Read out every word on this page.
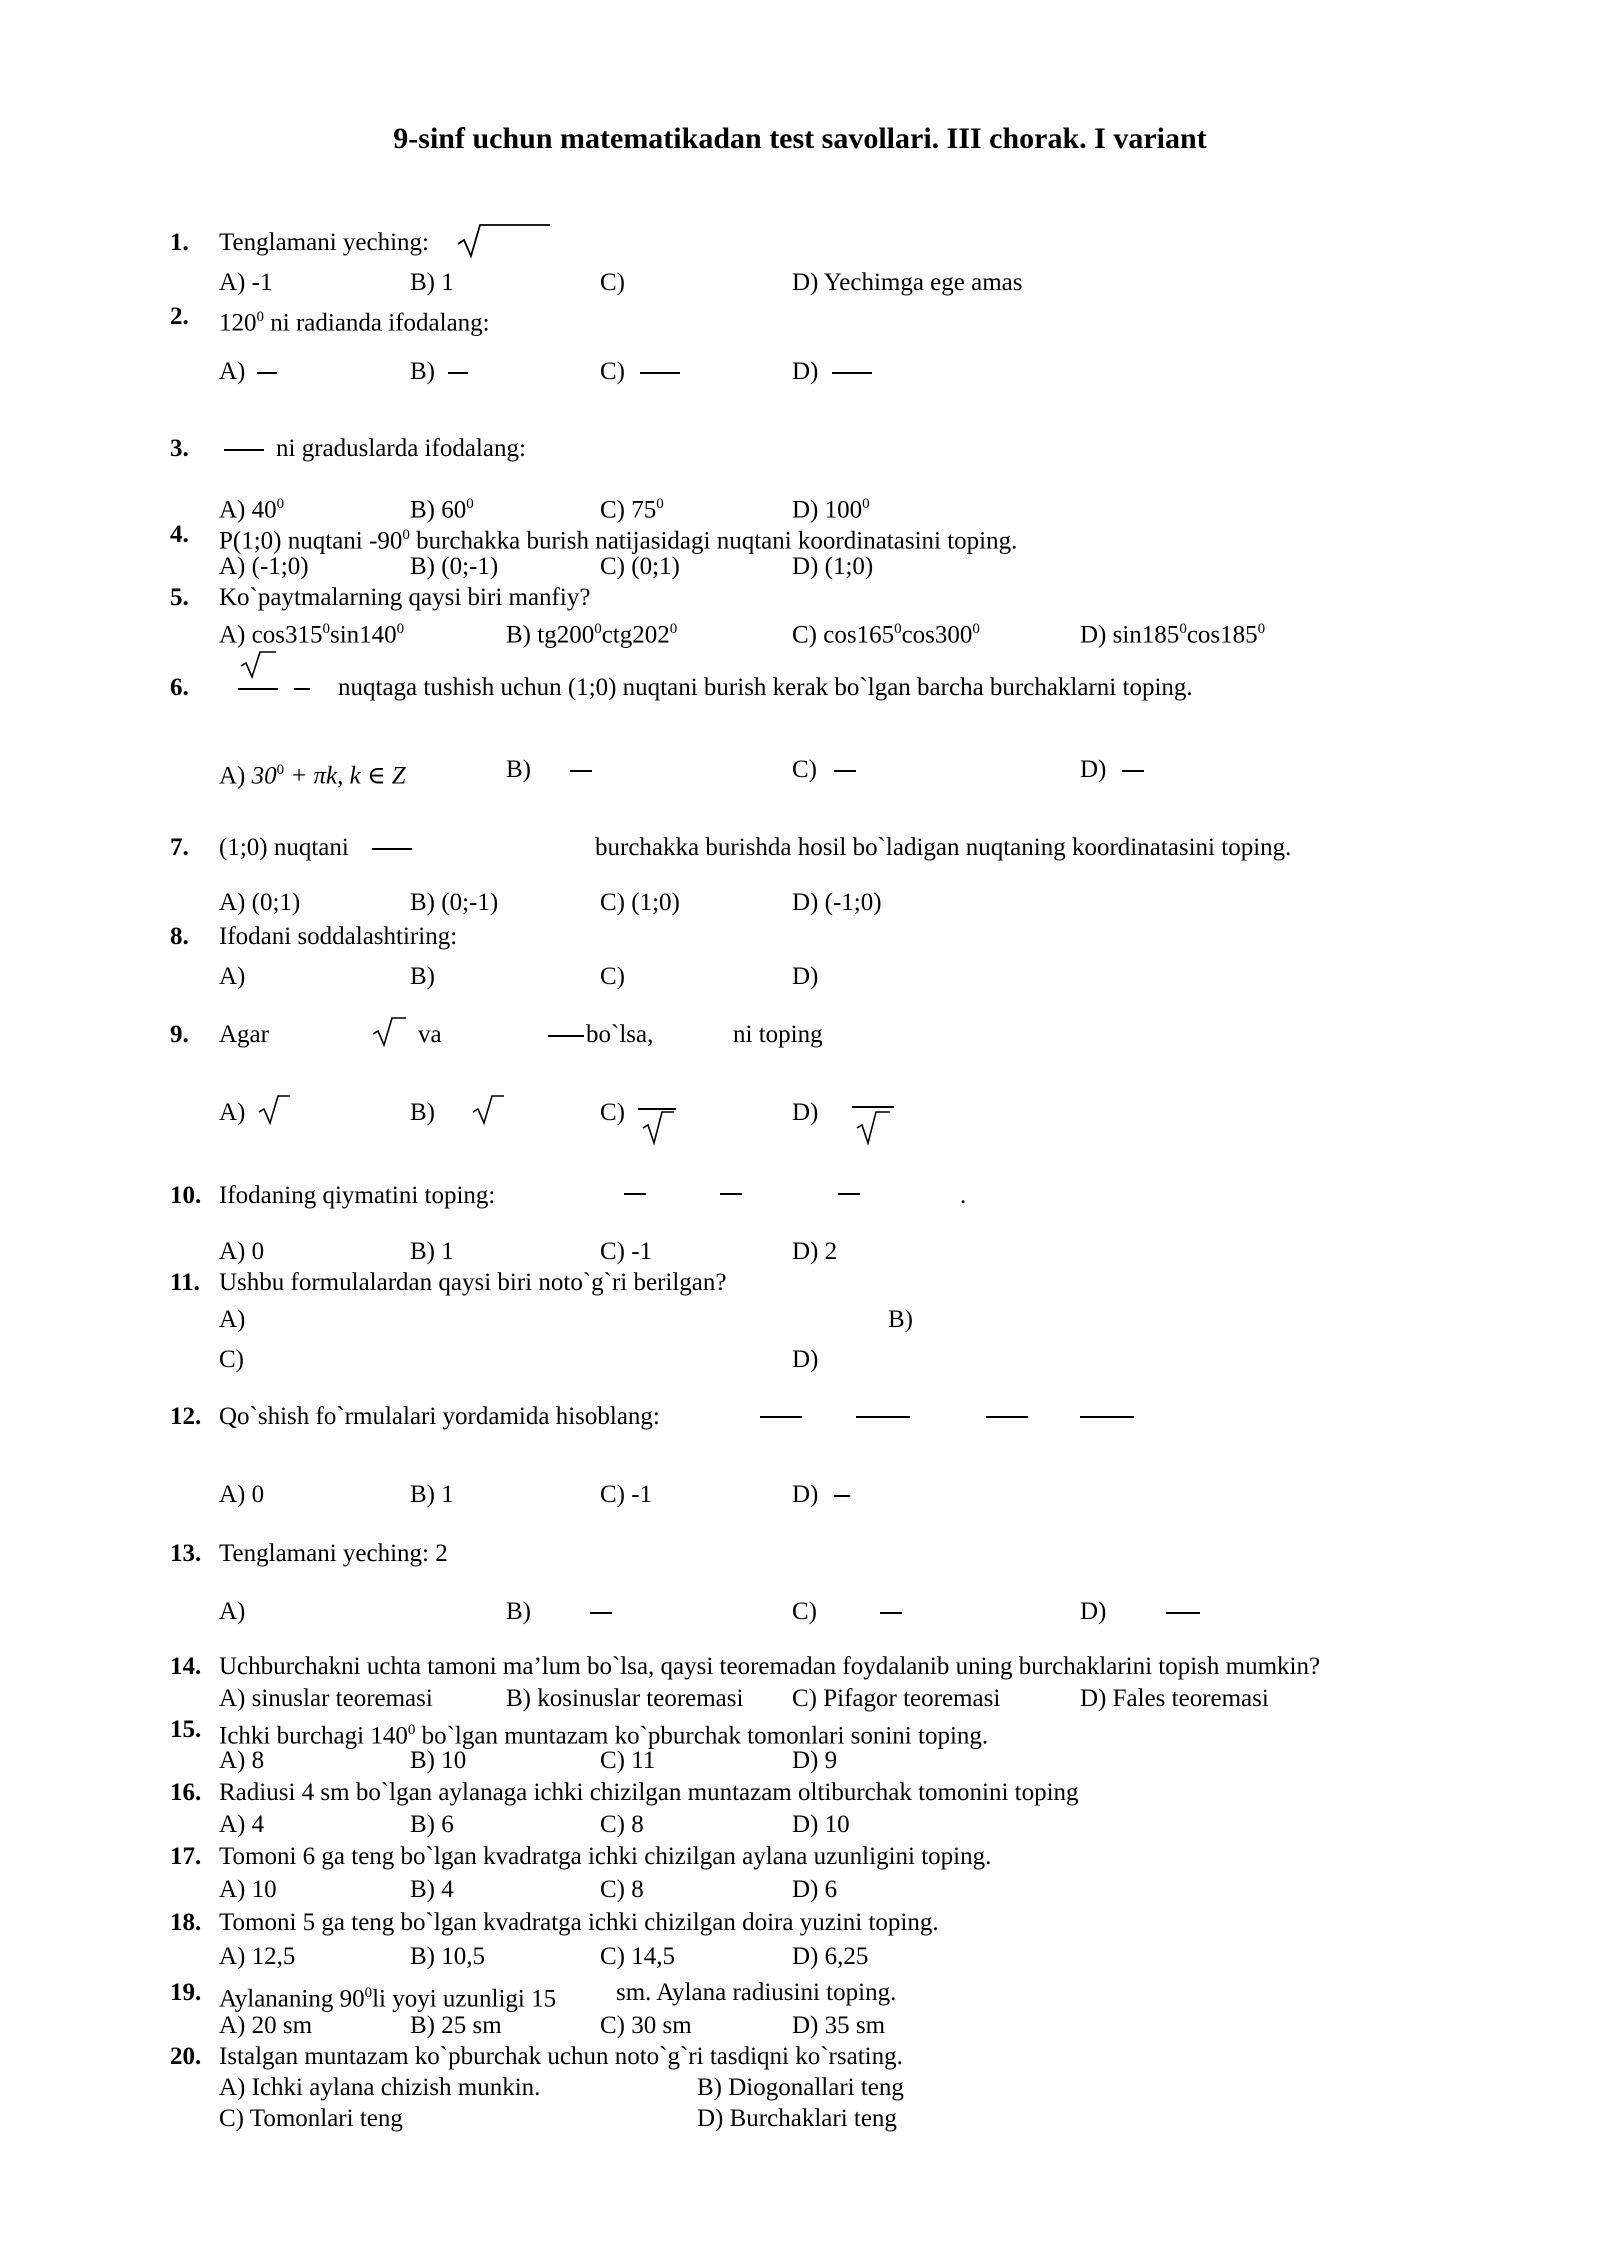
9-sinf uchun matematikadan test savollari. III chorak. I variant
1. Tenglamani yeching:
A) -1	B) 1	C)	D) Yechimga ege amas
2. $120^0$ ni radianda ifodalang:
A)	B)	C)	D)
3.	ni graduslarda ifodalang:
A) $40^0$	B) $60^0$	C) $75^0$	D) $100^0$
4. P(1;0) nuqtani $-90^0$ burchakka burish natijasidagi nuqtani koordinatasini toping.
A) (-1;0)	B) (0;-1)	C) (0;1)	D) (1;0)
5. Ko`paytmalarning qaysi biri manfiy?
A) $\cos 315^0\sin 140^0$	B) $tg200^0ctg202^0$	C) $\cos 165^0\cos 300^0$	D) $\sin 185^0\cos 185^0$
6.	nuqtaga tushish uchun (1;0) nuqtani burish kerak bo`lgan barcha burchaklarni toping.
A) $30^0 + \pi k$, k ∈ Z	B)	C)	D)
7. (1;0) nuqtani	burchakka burishda hosil bo`ladigan nuqtaning koordinatasini toping.
A) (0;1)	B) (0;-1)	C) (1;0)	D) (-1;0)
8. Ifodani soddalashtiring:
A)	B)	C)	D)
9. Agar	va	bo`lsa,	ni toping
A)	B)	C)	D)
10. Ifodaning qiymatini toping:	.
A) 0	B) 1	C) -1	D) 2
11. Ushbu formulalardan qaysi biri noto`g`ri berilgan?
A)	B)
C)	D)
12. Qo`shish fo`rmulalari yordamida hisoblang:
A) 0	B) 1	C) -1	D)
13. Tenglamani yeching: 2
A)	B)	C)	D)
14. Uchburchakni uchta tamoni ma’lum bo`lsa, qaysi teoremadan foydalanib uning burchaklarini topish mumkin?
A) sinuslar teoremasi	B) kosinuslar teoremasi C) Pifagor teoremasi	D) Fales teoremasi
15. Ichki burchagi $140^0$ bo`lgan muntazam ko`pburchak tomonlari sonini toping.
A) 8	B) 10	C) 11	D) 9
16. Radiusi 4 sm bo`lgan aylanaga ichki chizilgan muntazam oltiburchak tomonini toping
A) 4	B) 6	C) 8	D) 10
17. Tomoni 6 ga teng bo`lgan kvadratga ichki chizilgan aylana uzunligini toping.
A) 10	B) 4	C) 8	D) 6
18. Tomoni 5 ga teng bo`lgan kvadratga ichki chizilgan doira yuzini toping.
A) 12,5	B) 10,5	C) 14,5	D) 6,25
19. Aylananing $90^0li$ yoyi uzunligi 15 sm. Aylana radiusini toping.
A) 20 sm	B) 25 sm	C) 30 sm	D) 35 sm
20. Istalgan muntazam ko`pburchak uchun noto`g`ri tasdiqni ko`rsating.
A) Ichki aylana chizish munkin.	B) Diogonallari teng
C) Tomonlari teng	D) Burchaklari teng
